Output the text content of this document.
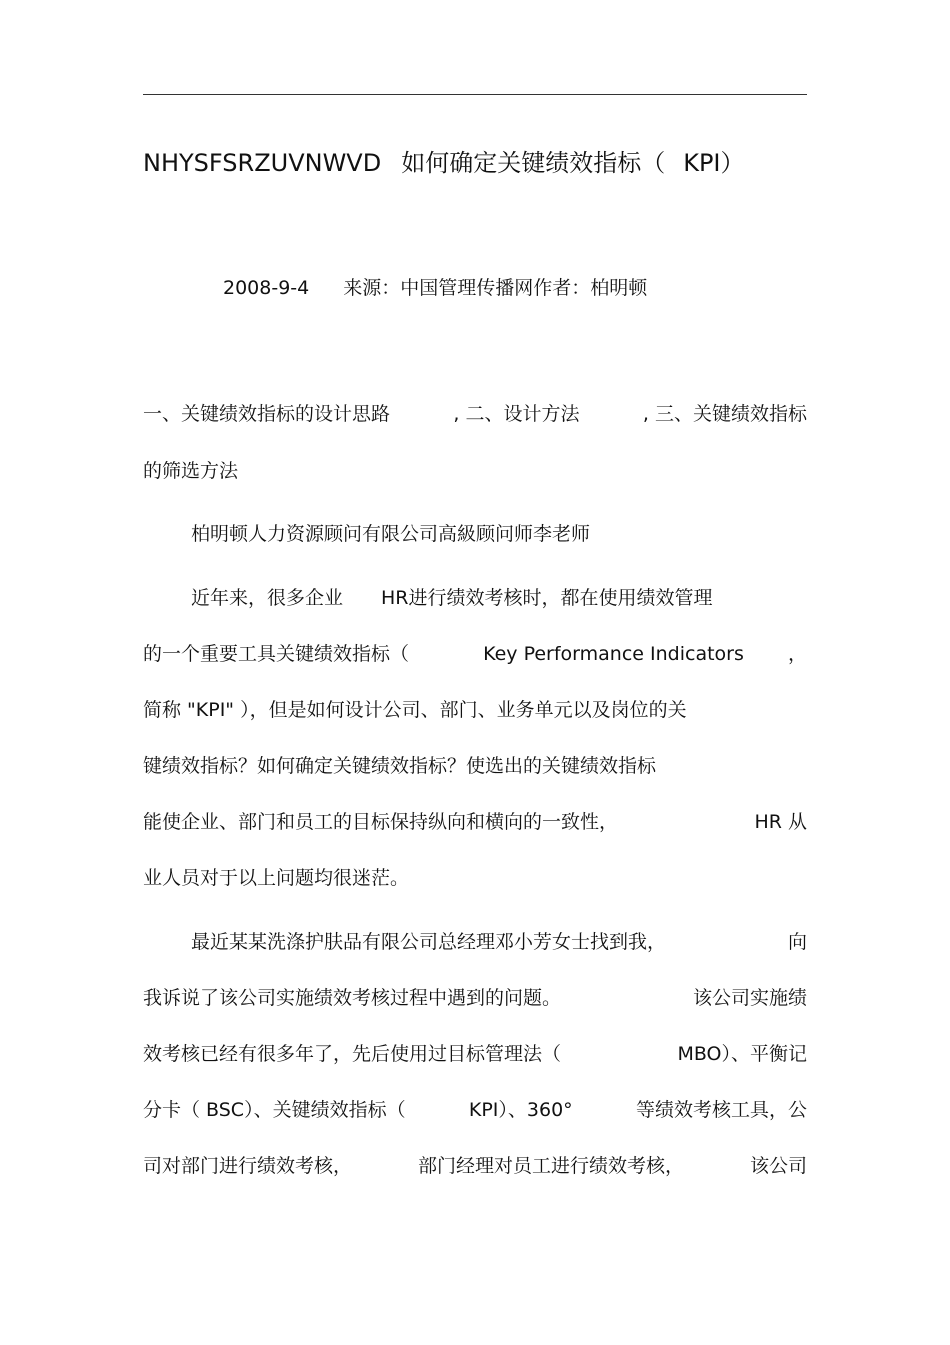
NHYSFSRZUVNWVD 如何确定关键绩效指标（ KPI）
2008-9-4 来源：中国管理传播网作者：柏明顿
一、关键绩效指标的设计思路	, 二、设计方法	, 三、关键绩效指标
的筛选方法
柏明顿人力资源顾问有限公司高級顾问师李老师
近年来，很多企业 HR进行绩效考核时，都在使用绩效管理
的一个重要工具关键绩效指标（	Key Performance Indicators ，
简称 "KPI" ），但是如何设计公司、部门、业务单元以及岗位的关
键绩效指标？如何确定关键绩效指标？使选出的关键绩效指标
能使企业、部门和员工的目标保持纵向和横向的一致性，	HR 从
业人员对于以上问题均很迷茫。
最近某某洗涤护肤品有限公司总经理邓小芳女士找到我，	向
我诉说了该公司实施绩效考核过程中遇到的问题。	该公司实施绩
效考核已经有很多年了，先后使用过目标管理法（	MBO）、平衡记
分卡（ BSC）、关键绩效指标（	KPI）、360°	等绩效考核工具，公
司对部门进行绩效考核，	部门经理对员工进行绩效考核，	该公司
